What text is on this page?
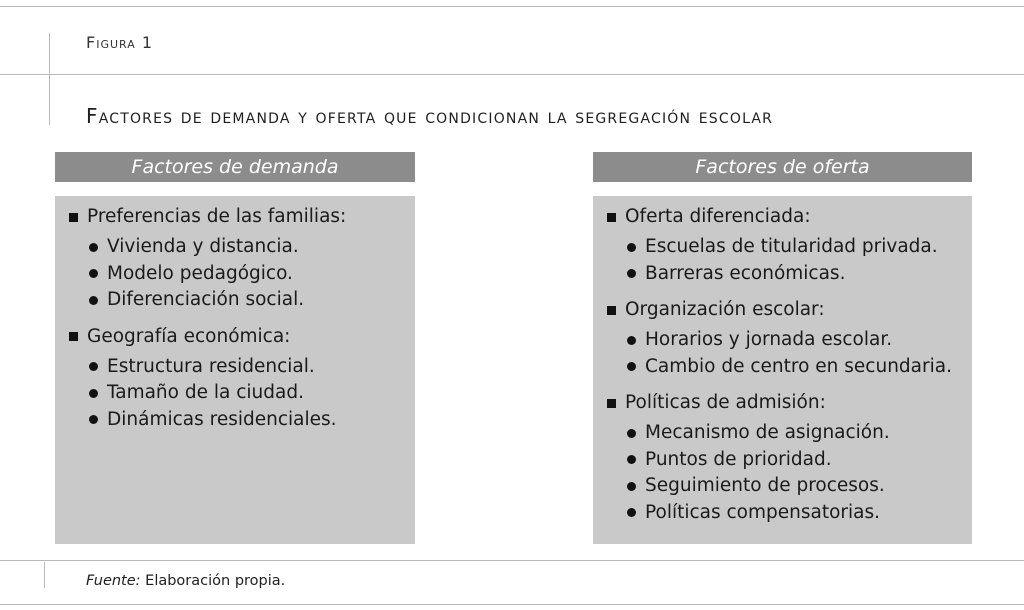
Figura 1
Factores de demanda y oferta que condicionan la segregación escolar
Factores de demanda
Preferencias de las familias:
Vivienda y distancia.
Modelo pedagógico.
Diferenciación social.
Geografía económica:
Estructura residencial.
Tamaño de la ciudad.
Dinámicas residenciales.
Factores de oferta
Oferta diferenciada:
Escuelas de titularidad privada.
Barreras económicas.
Organización escolar:
Horarios y jornada escolar.
Cambio de centro en secundaria.
Políticas de admisión:
Mecanismo de asignación.
Puntos de prioridad.
Seguimiento de procesos.
Políticas compensatorias.
Fuente: Elaboración propia.
